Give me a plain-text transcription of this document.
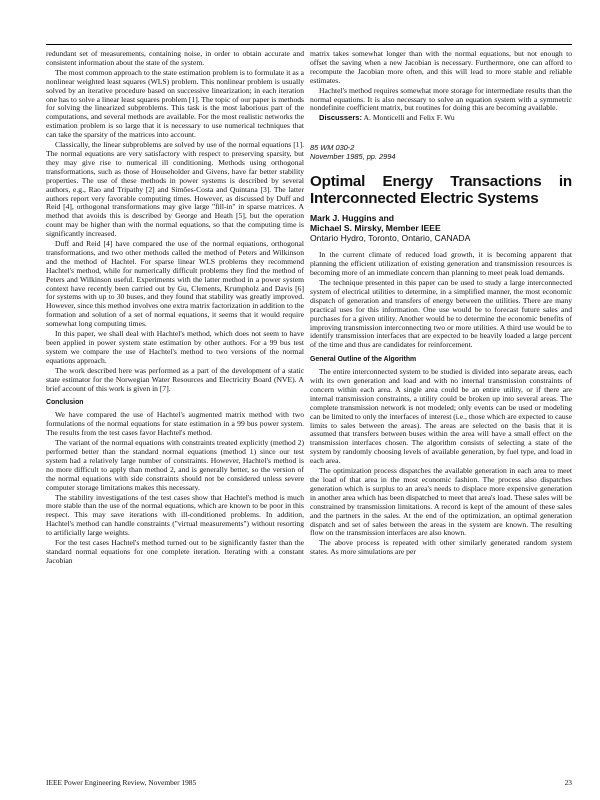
redundant set of measurements, containing noise, in order to obtain accurate and consistent information about the state of the system.

The most common approach to the state estimation problem is to formulate it as a nonlinear weighted least squares (WLS) problem. This nonlinear problem is usually solved by an iterative procedure based on successive linearization; in each iteration one has to solve a linear least squares problem [1]. The topic of our paper is methods for solving the linearized subproblems. This task is the most laborious part of the computations, and several methods are available. For the most realistic networks the estimation problem is so large that it is necessary to use numerical techniques that can take the sparsity of the matrices into account.

Classically, the linear subproblems are solved by use of the normal equations [1]. The normal equations are very satisfactory with respect to preserving sparsity, but they may give rise to numerical ill conditioning. Methods using orthogonal transformations, such as those of Householder and Givens, have far better stability properties. The use of these methods in power systems is described by several authors, e.g., Rao and Tripathy [2] and Simões-Costa and Quintana [3]. The latter authors report very favorable computing times. However, as discussed by Duff and Reid [4], orthogonal transformations may give large "fill-in" in sparse matrices. A method that avoids this is described by George and Heath [5], but the operation count may be higher than with the normal equations, so that the computing time is significantly increased.

Duff and Reid [4] have compared the use of the normal equations, orthogonal transformations, and two other methods called the method of Peters and Wilkinson and the method of Hachtel. For sparse linear WLS problems they recommend Hachtel's method, while for numerically difficult problems they find the method of Peters and Wilkinson useful. Experiments with the latter method in a power system context have recently been carried out by Gu, Clements, Krumpholz and Davis [6] for systems with up to 30 buses, and they found that stability was greatly improved. However, since this method involves one extra matrix factorization in addition to the formation and solution of a set of normal equations, it seems that it would require somewhat long computing times.

In this paper, we shall deal with Hachtel's method, which does not seem to have been applied in power system state estimation by other authors. For a 99 bus test system we compare the use of Hachtel's method to two versions of the normal equations approach.

The work described here was performed as a part of the development of a static state estimator for the Norwegian Water Resources and Electricity Board (NVE). A brief account of this work is given in [7].

Conclusion

We have compared the use of Hachtel's augmented matrix method with two formulations of the normal equations for state estimation in a 99 bus power system. The results from the test cases favor Hachtel's method.

The variant of the normal equations with constraints treated explicitly (method 2) performed better than the standard normal equations (method 1) since our test system had a relatively large number of constraints. However, Hachtel's method is no more difficult to apply than method 2, and is generally better, so the version of the normal equations with side constraints should not be considered unless severe computer storage limitations makes this necessary.

The stability investigations of the test cases show that Hachtel's method is much more stable than the use of the normal equations, which are known to be poor in this respect. This may save iterations with ill-conditioned problems. In addition, Hachtel's method can handle constraints ("virtual measurements") without resorting to artificially large weights.

For the test cases Hachtel's method turned out to be significantly faster than the standard normal equations for one complete iteration. Iterating with a constant Jacobian

matrix takes somewhat longer than with the normal equations, but not enough to offset the saving when a new Jacobian is necessary. Furthermore, one can afford to recompute the Jacobian more often, and this will lead to more stable and reliable estimates.

Hachtel's method requires somewhat more storage for intermediate results than the normal equations. It is also necessary to solve an equation system with a symmetric nondefinite coefficient matrix, but routines for doing this are becoming available.

Discussers: A. Monticelli and Felix F. Wu

85 WM 030-2
November 1985, pp. 2994
Optimal Energy Transactions in Interconnected Electric Systems
Mark J. Huggins and
Michael S. Mirsky, Member IEEE
Ontario Hydro, Toronto, Ontario, CANADA

In the current climate of reduced load growth, it is becoming apparent that planning the efficient utilization of existing generation and transmission resources is becoming more of an immediate concern than planning to meet peak load demands.

The technique presented in this paper can be used to study a large interconnected system of electrical utilities to determine, in a simplified manner, the most economic dispatch of generation and transfers of energy between the utilities. There are many practical uses for this information. One use would be to forecast future sales and purchases for a given utility. Another would be to determine the economic benefits of improving transmission interconnecting two or more utilities. A third use would be to identify transmission interfaces that are expected to be heavily loaded a large percent of the time and thus are candidates for reinforcement.

General Outline of the Algorithm

The entire interconnected system to be studied is divided into separate areas, each with its own generation and load and with no internal transmission constraints of concern within each area. A single area could be an entire utility, or if there are internal transmission constraints, a utility could be broken up into several areas. The complete transmission network is not modeled; only events can be used or modeling can be limited to only the interfaces of interest (i.e., those which are expected to cause limits to sales between the areas). The areas are selected on the basis that it is assumed that transfers between buses within the area will have a small effect on the transmission interfaces chosen. The algorithm consists of selecting a state of the system by randomly choosing levels of available generation, by fuel type, and load in each area.

The optimization process dispatches the available generation in each area to meet the load of that area in the most economic fashion. The process also dispatches generation which is surplus to an area's needs to displace more expensive generation in another area which has been dispatched to meet that area's load. These sales will be constrained by transmission limitations. A record is kept of the amount of these sales and the partners in the sales. At the end of the optimization, an optimal generation dispatch and set of sales between the areas in the system are known. The resulting flow on the transmission interfaces are also known.

The above process is repeated with other similarly generated random system states. As more simulations are per

IEEE Power Engineering Review, November 1985	23
